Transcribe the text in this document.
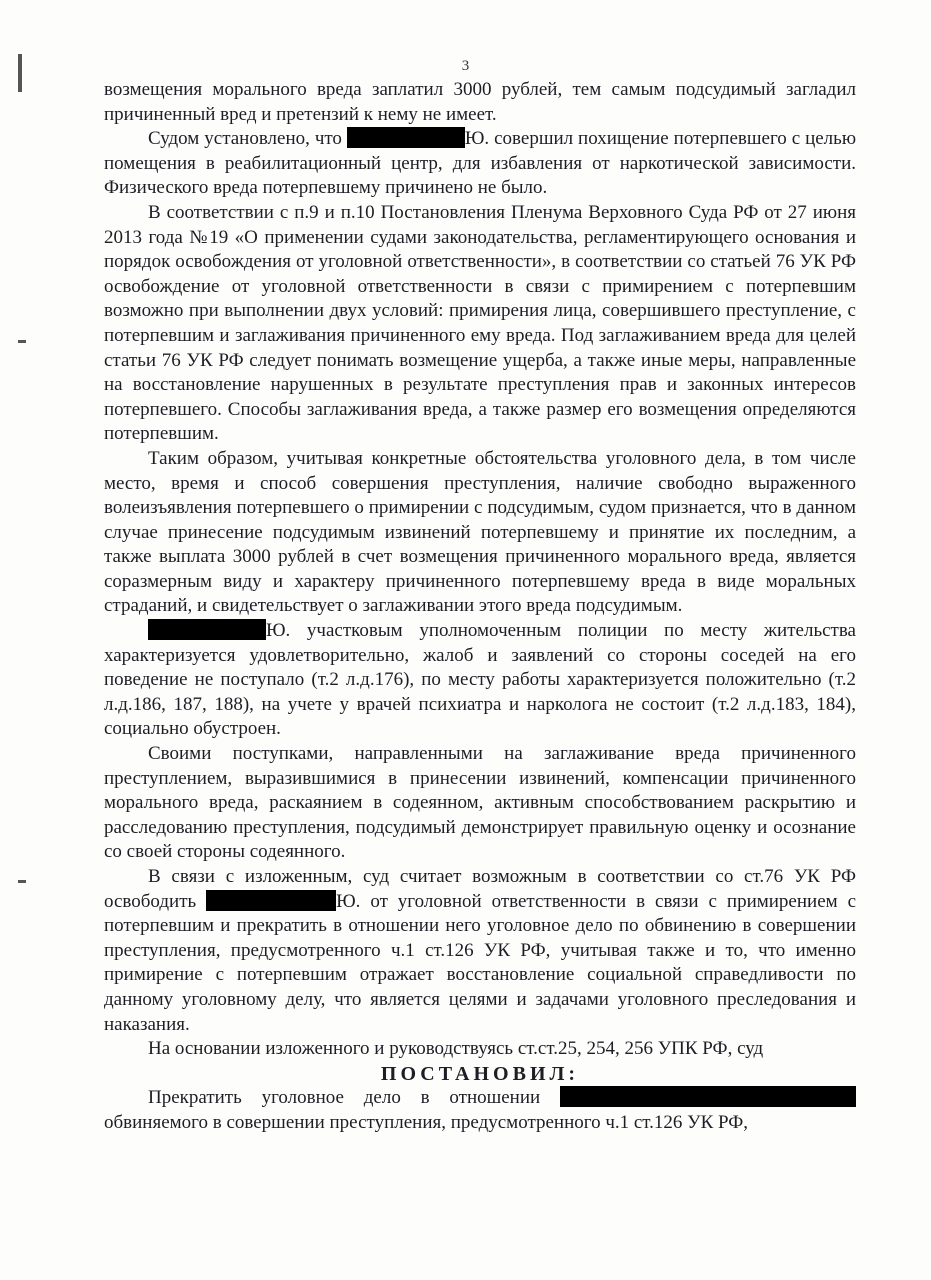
3

возмещения морального вреда заплатил 3000 рублей, тем самым подсудимый загладил причиненный вред и претензий к нему не имеет.

Судом установлено, что	Ю. совершил похищение потерпевшего с целью помещения в реабилитационный центр, для избавления от наркотической зависимости. Физического вреда потерпевшему причинено не было.

В соответствии с п.9 и п.10 Постановления Пленума Верховного Суда РФ от 27 июня 2013 года №19 «О применении судами законодательства, регламентирующего основания и порядок освобождения от уголовной ответственности», в соответствии со статьей 76 УК РФ освобождение от уголовной ответственности в связи с примирением с потерпевшим возможно при выполнении двух условий: примирения лица, совершившего преступление, с потерпевшим и заглаживания причиненного ему вреда. Под заглаживанием вреда для целей статьи 76 УК РФ следует понимать возмещение ущерба, а также иные меры, направленные на восстановление нарушенных в результате преступления прав и законных интересов потерпевшего. Способы заглаживания вреда, а также размер его возмещения определяются потерпевшим.

Таким образом, учитывая конкретные обстоятельства уголовного дела, в том числе место, время и способ совершения преступления, наличие свободно выраженного волеизъявления потерпевшего о примирении с подсудимым, судом признается, что в данном случае принесение подсудимым извинений потерпевшему и принятие их последним, а также выплата 3000 рублей в счет возмещения причиненного морального вреда, является соразмерным виду и характеру причиненного потерпевшему вреда в виде моральных страданий, и свидетельствует о заглаживании этого вреда подсудимым.

Ю. участковым уполномоченным полиции по месту жительства характеризуется удовлетворительно, жалоб и заявлений со стороны соседей на его поведение не поступало (т.2 л.д.176), по месту работы характеризуется положительно (т.2 л.д.186, 187, 188), на учете у врачей психиатра и нарколога не состоит (т.2 л.д.183, 184), социально обустроен.

Своими поступками, направленными на заглаживание вреда причиненного преступлением, выразившимися в принесении извинений, компенсации причиненного морального вреда, раскаянием в содеянном, активным способствованием раскрытию и расследованию преступления, подсудимый демонстрирует правильную оценку и осознание со своей стороны содеянного.

В связи с изложенным, суд считает возможным в соответствии со ст.76 УК РФ освободить	Ю. от уголовной ответственности в связи с примирением с потерпевшим и прекратить в отношении него уголовное дело по обвинению в совершении преступления, предусмотренного ч.1 ст.126 УК РФ, учитывая также и то, что именно примирение с потерпевшим отражает восстановление социальной справедливости по данному уголовному делу, что является целями и задачами уголовного преследования и наказания.

На основании изложенного и руководствуясь ст.ст.25, 254, 256 УПК РФ, суд

ПОСТАНОВИЛ:

Прекратить уголовное дело в отношении  обвиняемого в совершении преступления, предусмотренного ч.1 ст.126 УК РФ,
